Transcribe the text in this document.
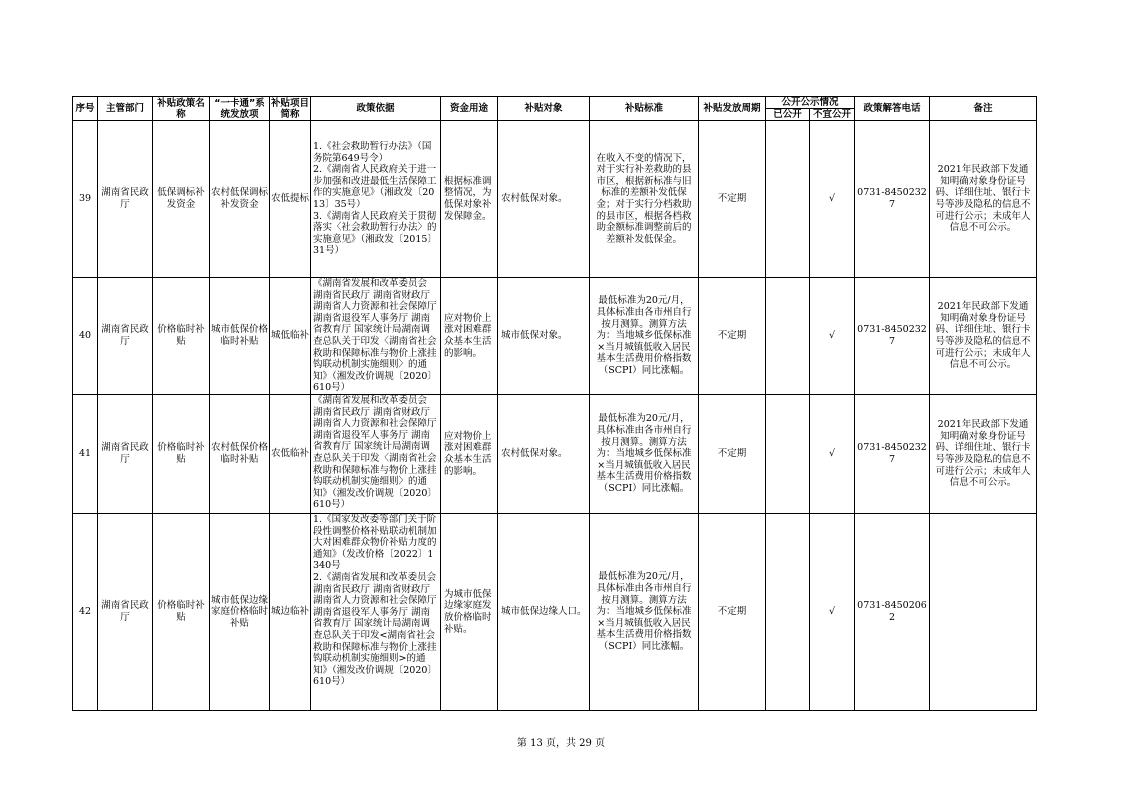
序号	主管部门	补贴政策名称	“一卡通”系统发放项	补贴项目简称	政策依据	资金用途	补贴对象	补贴标准	补贴发放周期	公开公示情况		政策解答电话	备注
										已公开	不宜公开		
39	湖南省民政厅	低保调标补发资金	农村低保调标补发资金	农低提标	1.《社会救助暂行办法》（国务院第649号令）
2.《湖南省人民政府关于进一步加强和改进最低生活保障工作的实施意见》（湘政发〔2013〕35号）
3.《湖南省人民政府关于贯彻落实〈社会救助暂行办法〉的实施意见》（湘政发〔2015〕31号）	根据标准调整情况，为低保对象补发保障金。	农村低保对象。	在收入不变的情况下，对于实行补差救助的县市区，根据新标准与旧标准的差额补发低保金；对于实行分档救助的县市区，根据各档救助金额标准调整前后的差额补发低保金。	不定期		√	0731-84502327	2021年民政部下发通知明确对象身份证号码、详细住址、银行卡号等涉及隐私的信息不可进行公示；未成年人信息不可公示。
40	湖南省民政厅	价格临时补贴	城市低保价格临时补贴	城低临补	《湖南省发展和改革委员会 湖南省民政厅 湖南省财政厅 湖南省人力资源和社会保障厅 湖南省退役军人事务厅 湖南省教育厅 国家统计局湖南调查总队关于印发〈湖南省社会救助和保障标准与物价上涨挂钩联动机制实施细则〉的通知》（湘发改价调规〔2020〕610号）	应对物价上涨对困难群众基本生活的影响。	城市低保对象。	最低标准为20元/月，具体标准由各市州自行按月测算。测算方法为：当地城乡低保标准×当月城镇低收入居民基本生活费用价格指数（SCPI）同比涨幅。	不定期		√	0731-84502327	2021年民政部下发通知明确对象身份证号码、详细住址、银行卡号等涉及隐私的信息不可进行公示；未成年人信息不可公示。
41	湖南省民政厅	价格临时补贴	农村低保价格临时补贴	农低临补	《湖南省发展和改革委员会 湖南省民政厅 湖南省财政厅 湖南省人力资源和社会保障厅 湖南省退役军人事务厅 湖南省教育厅 国家统计局湖南调查总队关于印发〈湖南省社会救助和保障标准与物价上涨挂钩联动机制实施细则〉的通知》（湘发改价调规〔2020〕610号）	应对物价上涨对困难群众基本生活的影响。	农村低保对象。	最低标准为20元/月，具体标准由各市州自行按月测算。测算方法为：当地城乡低保标准×当月城镇低收入居民基本生活费用价格指数（SCPI）同比涨幅。	不定期		√	0731-84502327	2021年民政部下发通知明确对象身份证号码、详细住址、银行卡号等涉及隐私的信息不可进行公示；未成年人信息不可公示。
42	湖南省民政厅	价格临时补贴	城市低保边缘家庭价格临时补贴	城边临补	1.《国家发改委等部门关于阶段性调整价格补贴联动机制加大对困难群众物价补贴力度的通知》（发改价格〔2022〕1340号
2.《湖南省发展和改革委员会 湖南省民政厅 湖南省财政厅 湖南省人力资源和社会保障厅 湖南省退役军人事务厅 湖南省教育厅 国家统计局湖南调查总队关于印发<湖南省社会救助和保障标准与物价上涨挂钩联动机制实施细则>的通知》（湘发改价调规〔2020〕610号）	为城市低保边缘家庭发放价格临时补贴。	城市低保边缘人口。	最低标准为20元/月，具体标准由各市州自行按月测算。测算方法为：当地城乡低保标准×当月城镇低收入居民基本生活费用价格指数（SCPI）同比涨幅。	不定期		√	0731-84502062	
第 13 页，共 29 页
